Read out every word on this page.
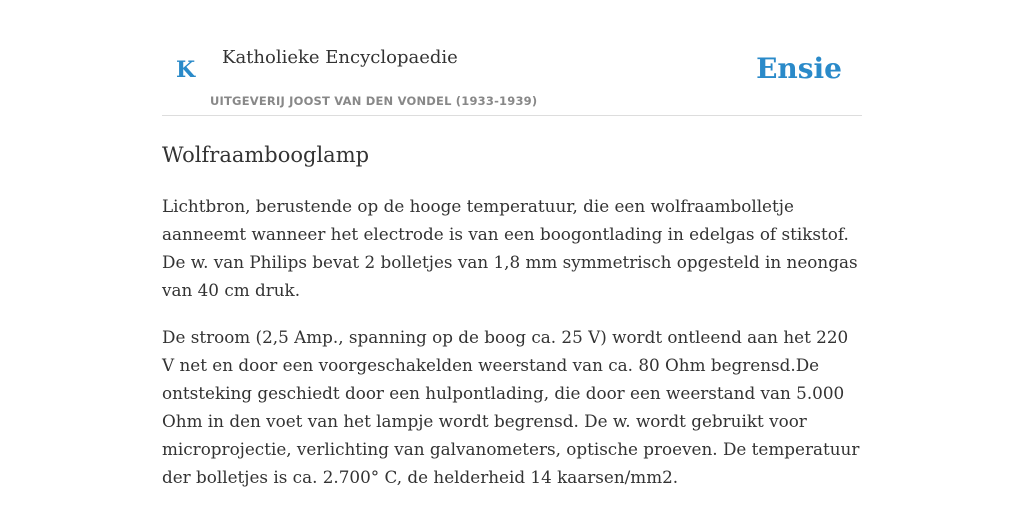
K Katholieke Encyclopaedie
UITGEVERIJ JOOST VAN DEN VONDEL (1933-1939)
Ensie
Wolfraambooglamp

Lichtbron, berustende op de hooge temperatuur, die een wolfraambolletje aanneemt wanneer het electrode is van een boogontlading in edelgas of stikstof. De w. van Philips bevat 2 bolletjes van 1,8 mm symmetrisch opgesteld in neongas van 40 cm druk.

De stroom (2,5 Amp., spanning op de boog ca. 25 V) wordt ontleend aan het 220 V net en door een voorgeschakelden weerstand van ca. 80 Ohm begrensd.De ontsteking geschiedt door een hulpontlading, die door een weerstand van 5.000 Ohm in den voet van het lampje wordt begrensd. De w. wordt gebruikt voor microprojectie, verlichting van galvanometers, optische proeven. De temperatuur der bolletjes is ca. 2.700° C, de helderheid 14 kaarsen/mm2.
